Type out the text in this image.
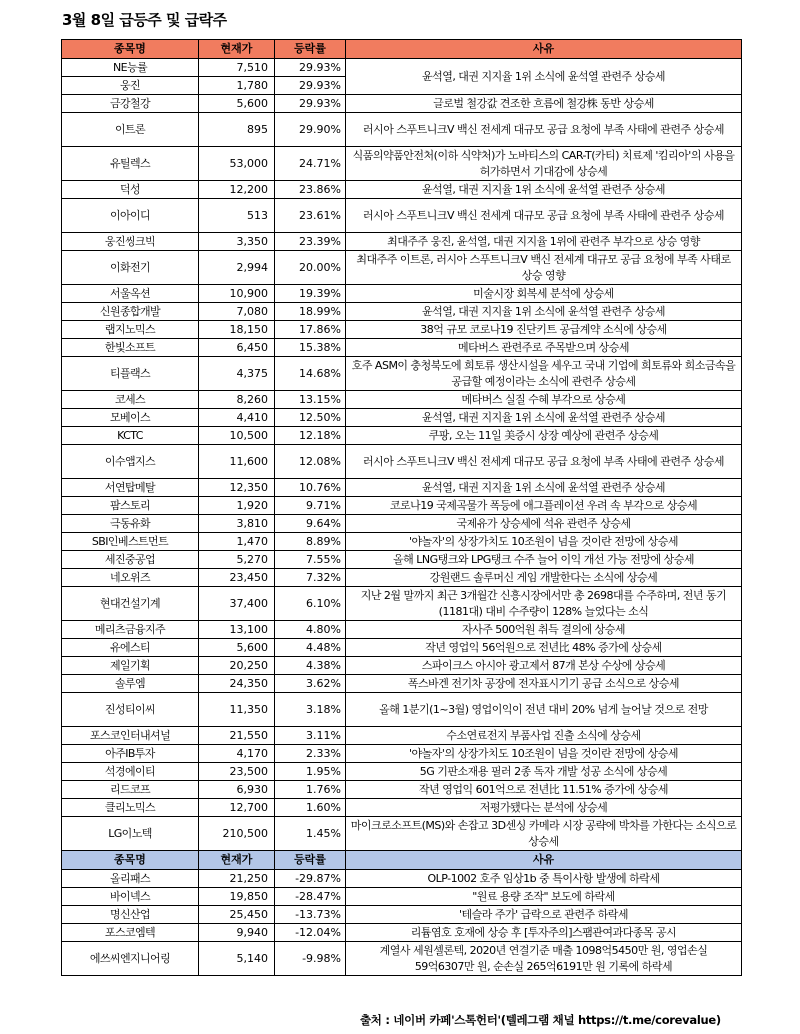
3월 8일 급등주 및 급락주
종목명	현재가	등락률	사유
NE능률	7,510	29.93%	윤석열, 대권 지지율 1위 소식에 윤석열 관련주 상승세
웅진	1,780	29.93%	
금강철강	5,600	29.93%	글로벌 철강값 견조한 흐름에 철강株 동반 상승세
이트론	895	29.90%	러시아 스푸트니크V 백신 전세계 대규모 공급 요청에 부족 사태에 관련주 상승세
유틸렉스	53,000	24.71%	식품의약품안전처(이하 식약처)가 노바티스의 CAR-T(카티) 치료제 '킴리아'의 사용을 허가하면서 기대감에 상승세
덕성	12,200	23.86%	윤석열, 대권 지지율 1위 소식에 윤석열 관련주 상승세
이아이디	513	23.61%	러시아 스푸트니크V 백신 전세계 대규모 공급 요청에 부족 사태에 관련주 상승세
웅진씽크빅	3,350	23.39%	최대주주 웅진, 윤석열, 대권 지지율 1위에 관련주 부각으로 상승 영향
이화전기	2,994	20.00%	최대주주 이트론, 러시아 스푸트니크V 백신 전세계 대규모 공급 요청에 부족 사태로 상승 영향
서울옥션	10,900	19.39%	미술시장 회복세 분석에 상승세
신원종합개발	7,080	18.99%	윤석열, 대권 지지율 1위 소식에 윤석열 관련주 상승세
랩지노믹스	18,150	17.86%	38억 규모 코로나19 진단키트 공급계약 소식에 상승세
한빛소프트	6,450	15.38%	메타버스 관련주로 주목받으며 상승세
티플랙스	4,375	14.68%	호주 ASM이 충청북도에 희토류 생산시설을 세우고 국내 기업에 희토류와 희소금속을 공급할 예정이라는 소식에 관련주 상승세
코세스	8,260	13.15%	메타버스 실질 수혜 부각으로 상승세
모베이스	4,410	12.50%	윤석열, 대권 지지율 1위 소식에 윤석열 관련주 상승세
KCTC	10,500	12.18%	쿠팡, 오는 11일 美증시 상장 예상에 관련주 상승세
이수앱지스	11,600	12.08%	러시아 스푸트니크V 백신 전세계 대규모 공급 요청에 부족 사태에 관련주 상승세
서연탑메탈	12,350	10.76%	윤석열, 대권 지지율 1위 소식에 윤석열 관련주 상승세
팜스토리	1,920	9.71%	코로나19 국제곡물가 폭등에 애그플레이션 우려 속 부각으로 상승세
극동유화	3,810	9.64%	국제유가 상승세에 석유 관련주 상승세
SBI인베스트먼트	1,470	8.89%	'야놀자'의 상장가치도 10조원이 넘을 것이란 전망에 상승세
세진중공업	5,270	7.55%	올해 LNG탱크와 LPG탱크 수주 늘어 이익 개선 가능 전망에 상승세
네오위즈	23,450	7.32%	강원랜드 솔루머신 게임 개발한다는 소식에 상승세
현대건설기계	37,400	6.10%	지난 2월 말까지 최근 3개월간 신흥시장에서만 총 2698대를 수주하며, 전년 동기(1181대) 대비 수주량이 128% 늘었다는 소식
메리츠금융지주	13,100	4.80%	자사주 500억원 취득 결의에 상승세
유에스티	5,600	4.48%	작년 영업익 56억원으로 전년比 48% 증가에 상승세
제일기획	20,250	4.38%	스파이크스 아시아 광고제서 87개 본상 수상에 상승세
솔루엠	24,350	3.62%	폭스바겐 전기차 공장에 전자표시기기 공급 소식으로 상승세
진성티이씨	11,350	3.18%	올해 1분기(1~3월) 영업이익이 전년 대비 20% 넘게 늘어날 것으로 전망
포스코인터내셔널	21,550	3.11%	수소연료전지 부품사업 진출 소식에 상승세
아주IB투자	4,170	2.33%	'야놀자'의 상장가치도 10조원이 넘을 것이란 전망에 상승세
석경에이티	23,500	1.95%	5G 기판소재용 필러 2종 독자 개발 성공 소식에 상승세
리드코프	6,930	1.76%	작년 영업익 601억으로 전년比 11.51% 증가에 상승세
클리노믹스	12,700	1.60%	저평가됐다는 분석에 상승세
LG이노텍	210,500	1.45%	마이크로소프트(MS)와 손잡고 3D센싱 카메라 시장 공략에 박차를 가한다는 소식으로 상승세
종목명	현재가	등락률	사유
올리패스	21,250	-29.87%	OLP-1002 호주 임상1b 중 특이사항 발생에 하락세
바이넥스	19,850	-28.47%	"원료 용량 조작" 보도에 하락세
명신산업	25,450	-13.73%	'테슬라 주가' 급락으로 관련주 하락세
포스코엠텍	9,940	-12.04%	리튬염호 호재에 상승 후 [투자주의]스팸관여과다종목 공시
에쓰씨엔지니어링	5,140	-9.98%	계열사 세원셀론텍, 2020년 연결기준 매출 1098억5450만 원, 영업손실 59억6307만 원, 순손실 265억6191만 원 기록에 하락세
출처 : 네이버 카페'스톡헌터'(텔레그램 채널 https://t.me/corevalue)
